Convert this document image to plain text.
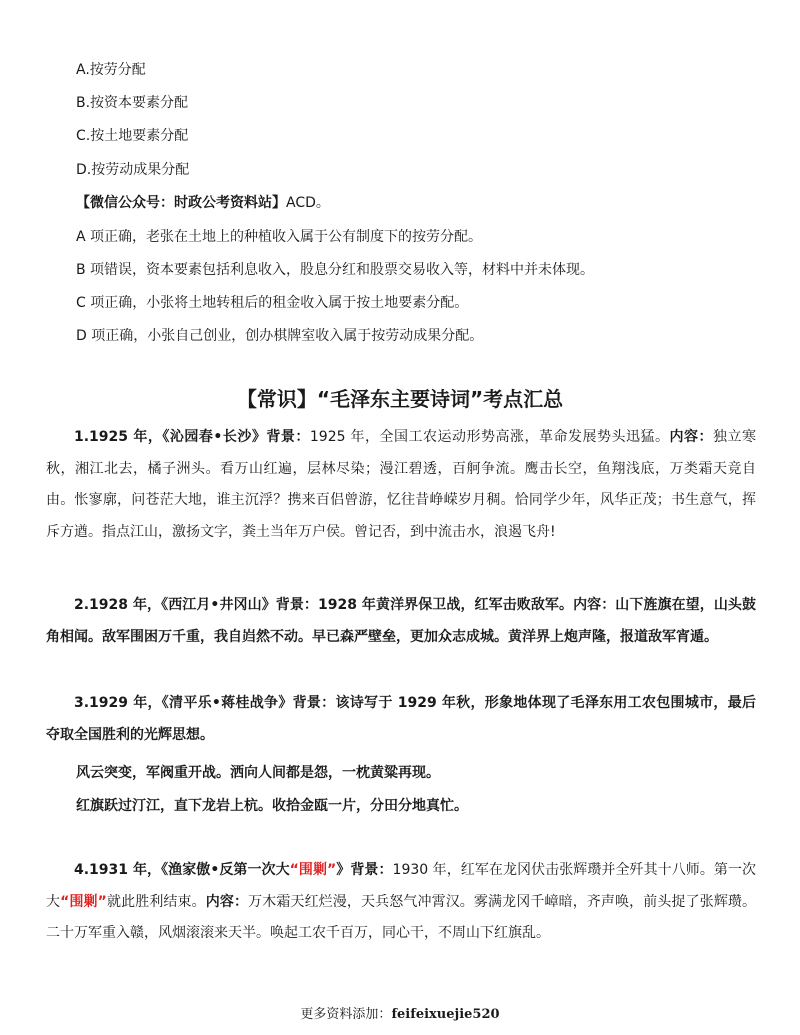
A.按劳分配
B.按资本要素分配
C.按土地要素分配
D.按劳动成果分配
【微信公众号：时政公考资料站】ACD。
A 项正确，老张在土地上的种植收入属于公有制度下的按劳分配。
B 项错误，资本要素包括利息收入，股息分红和股票交易收入等，材料中并未体现。
C 项正确，小张将土地转租后的租金收入属于按土地要素分配。
D 项正确，小张自己创业，创办棋牌室收入属于按劳动成果分配。
【常识】“毛泽东主要诗词”考点汇总
1.1925 年，《沁园春•长沙》背景：1925 年，全国工农运动形势高涨，革命发展势头迅猛。内容：独立寒秋，湘江北去，橘子洲头。看万山红遍，层林尽染；漫江碧透，百舸争流。鹰击长空，鱼翔浅底，万类霜天竞自由。怅寥廓，问苍茫大地，谁主沉浮？携来百侣曾游，忆往昔峥嵘岁月稠。恰同学少年，风华正茂；书生意气，挥斥方遒。指点江山，激扬文字，粪土当年万户侯。曾记否，到中流击水，浪遏飞舟!
2.1928 年，《西江月•井冈山》背景：1928 年黄洋界保卫战，红军击败敌军。内容：山下旌旗在望，山头鼓角相闻。敌军围困万千重，我自岿然不动。早已森严壁垒，更加众志成城。黄洋界上炮声隆，报道敌军宵遁。
3.1929 年，《清平乐•蒋桂战争》背景：该诗写于 1929 年秋，形象地体现了毛泽东用工农包围城市，最后夺取全国胜利的光辉思想。
风云突变，军阀重开战。洒向人间都是怨，一枕黄粱再现。
红旗跃过汀江，直下龙岩上杭。收拾金瓯一片，分田分地真忙。
4.1931 年，《渔家傲•反第一次大“围剿”》背景：1930 年，红军在龙冈伏击张辉瓒并全歼其十八师。第一次大“围剿”就此胜利结束。内容：万木霜天红烂漫，天兵怒气冲霄汉。雾满龙冈千嶂暗，齐声唤，前头捉了张辉瓒。二十万军重入赣，风烟滚滚来天半。唤起工农千百万，同心干，不周山下红旗乱。
更多资料添加：feifeixuejie520
